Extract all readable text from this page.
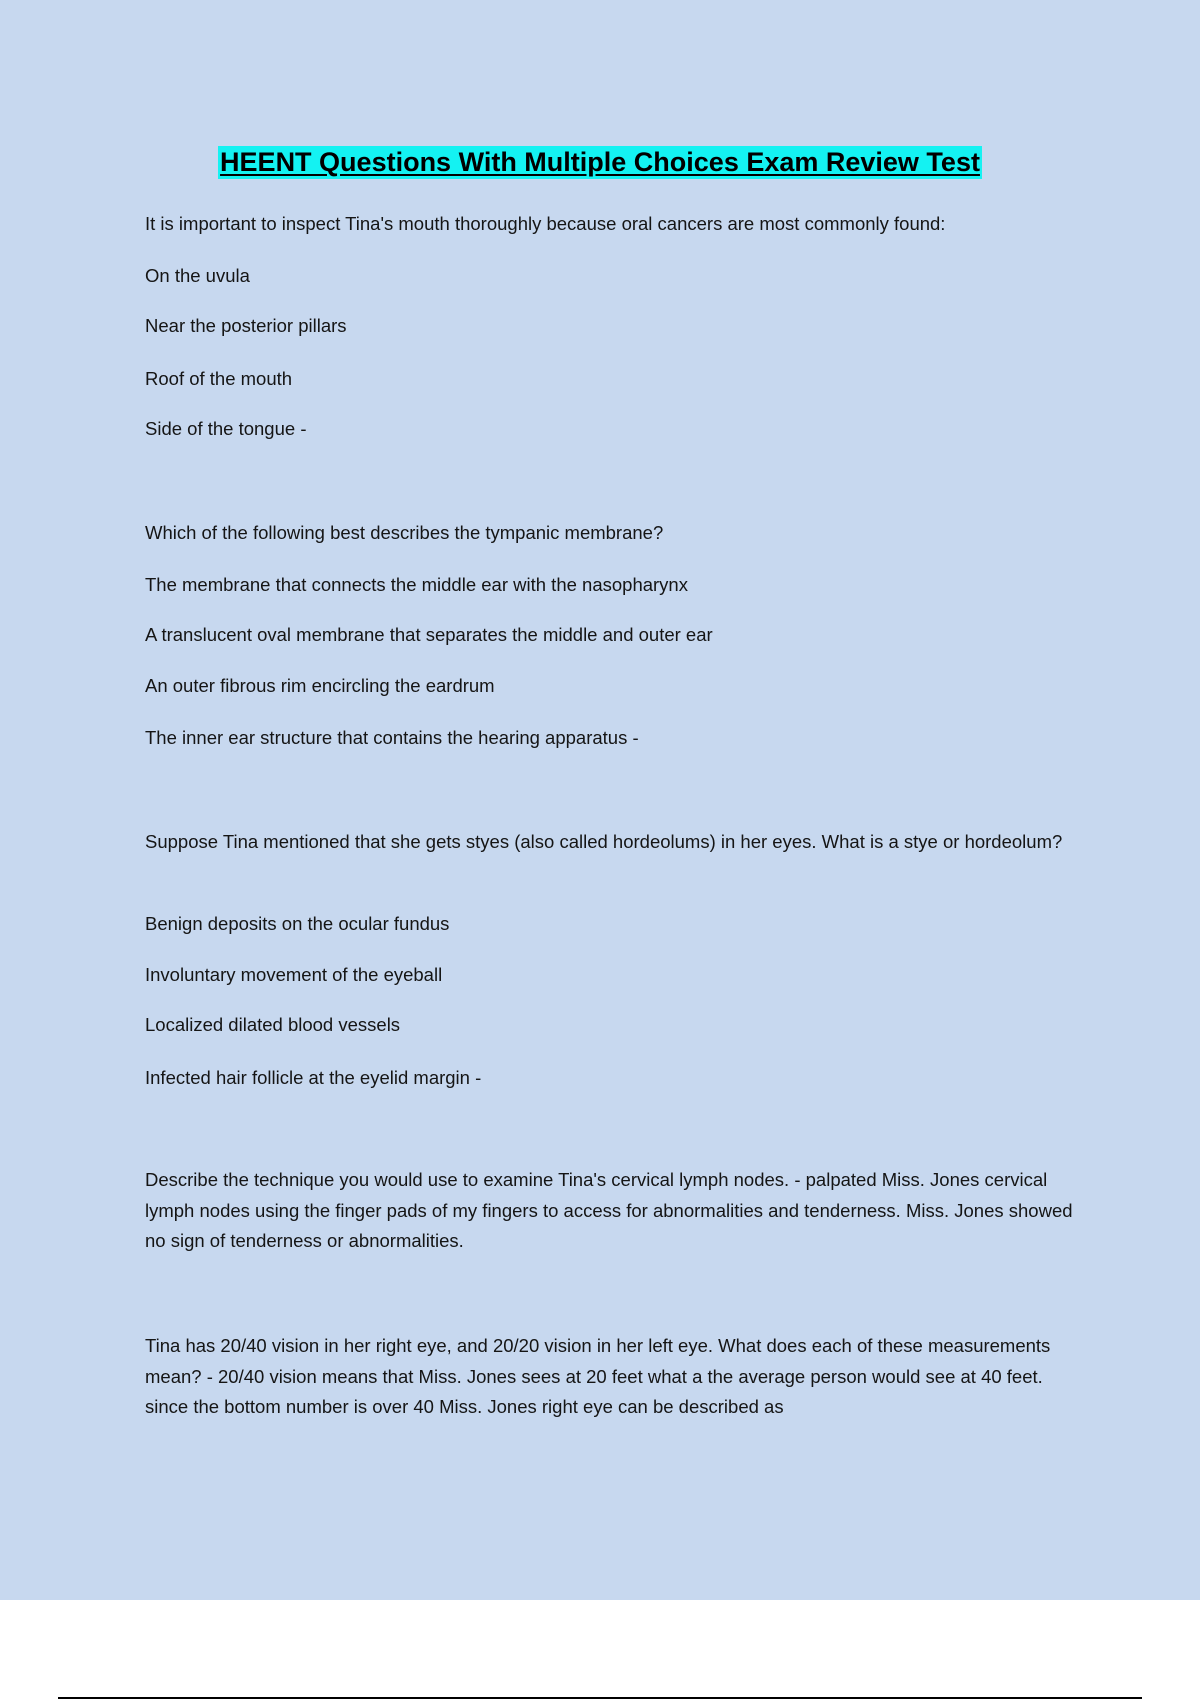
HEENT Questions With Multiple Choices Exam Review Test
It is important to inspect Tina's mouth thoroughly because oral cancers are most commonly found:
On the uvula
Near the posterior pillars
Roof of the mouth
Side of the tongue -
Which of the following best describes the tympanic membrane?
The membrane that connects the middle ear with the nasopharynx
A translucent oval membrane that separates the middle and outer ear
An outer fibrous rim encircling the eardrum
The inner ear structure that contains the hearing apparatus -
Suppose Tina mentioned that she gets styes (also called hordeolums) in her eyes. What is a stye or hordeolum?
Benign deposits on the ocular fundus
Involuntary movement of the eyeball
Localized dilated blood vessels
Infected hair follicle at the eyelid margin -
Describe the technique you would use to examine Tina's cervical lymph nodes. - palpated Miss. Jones cervical lymph nodes using the finger pads of my fingers to access for abnormalities and tenderness. Miss. Jones showed no sign of tenderness or abnormalities.
Tina has 20/40 vision in her right eye, and 20/20 vision in her left eye. What does each of these measurements mean? - 20/40 vision means that Miss. Jones sees at 20 feet what a the average person would see at 40 feet. since the bottom number is over 40 Miss. Jones right eye can be described as
